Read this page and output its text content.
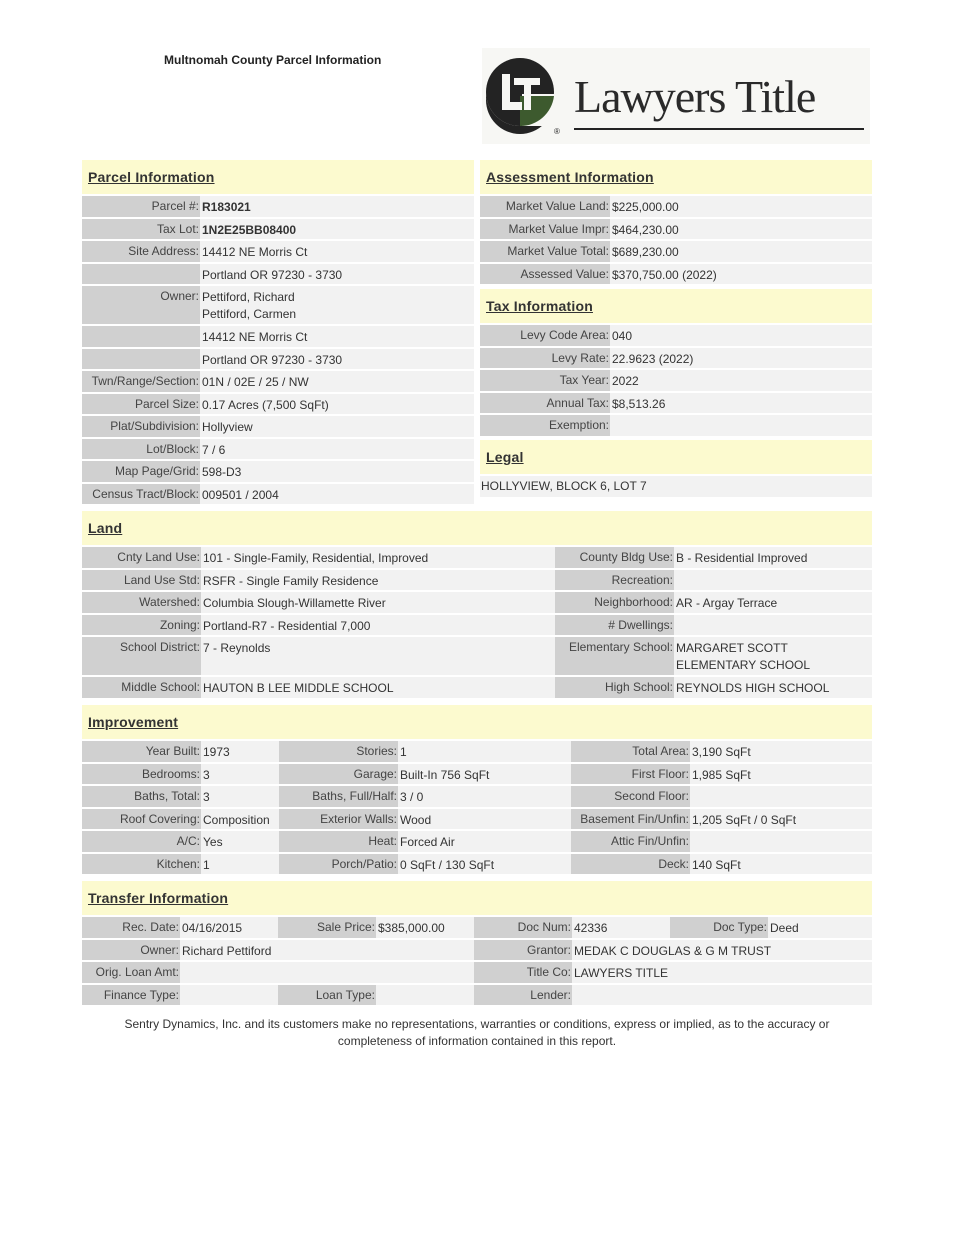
Multnomah County Parcel Information
®
Lawyers Title
Parcel Information
Parcel #: R183021
Tax Lot: 1N2E25BB08400
Site Address: 14412 NE Morris Ct
Portland OR 97230 - 3730
Owner: Pettiford, Richard
Pettiford, Carmen
14412 NE Morris Ct
Portland OR 97230 - 3730
Twn/Range/Section: 01N / 02E / 25 / NW
Parcel Size: 0.17 Acres (7,500 SqFt)
Plat/Subdivision: Hollyview
Lot/Block: 7 / 6
Map Page/Grid: 598-D3
Census Tract/Block: 009501 / 2004
Assessment Information
Market Value Land: $225,000.00
Market Value Impr: $464,230.00
Market Value Total: $689,230.00
Assessed Value: $370,750.00 (2022)
Tax Information
Levy Code Area: 040
Levy Rate: 22.9623 (2022)
Tax Year: 2022
Annual Tax: $8,513.26
Exemption:
Legal
HOLLYVIEW, BLOCK 6, LOT 7
Land
Cnty Land Use: 101 - Single-Family, Residential, Improved	County Bldg Use: B - Residential Improved
Land Use Std: RSFR - Single Family Residence	Recreation:
Watershed: Columbia Slough-Willamette River	Neighborhood: AR - Argay Terrace
Zoning: Portland-R7 - Residential 7,000	# Dwellings:
School District: 7 - Reynolds	Elementary School: MARGARET SCOTT
ELEMENTARY SCHOOL
Middle School: HAUTON B LEE MIDDLE SCHOOL	High School: REYNOLDS HIGH SCHOOL
Improvement
Year Built: 1973	Stories: 1	Total Area: 3,190 SqFt
Bedrooms: 3	Garage: Built-In 756 SqFt	First Floor: 1,985 SqFt
Baths, Total: 3	Baths, Full/Half: 3 / 0	Second Floor:
Roof Covering: Composition	Exterior Walls: Wood	Basement Fin/Unfin: 1,205 SqFt / 0 SqFt
A/C: Yes	Heat: Forced Air	Attic Fin/Unfin:
Kitchen: 1	Porch/Patio: 0 SqFt / 130 SqFt	Deck: 140 SqFt
Transfer Information
Rec. Date: 04/16/2015	Sale Price: $385,000.00	Doc Num: 42336	Doc Type: Deed
Owner: Richard Pettiford	Grantor: MEDAK C DOUGLAS & G M TRUST
Orig. Loan Amt:	Title Co: LAWYERS TITLE
Finance Type:	Loan Type:	Lender:
Sentry Dynamics, Inc. and its customers make no representations, warranties or conditions, express or implied, as to the accuracy or
completeness of information contained in this report.
